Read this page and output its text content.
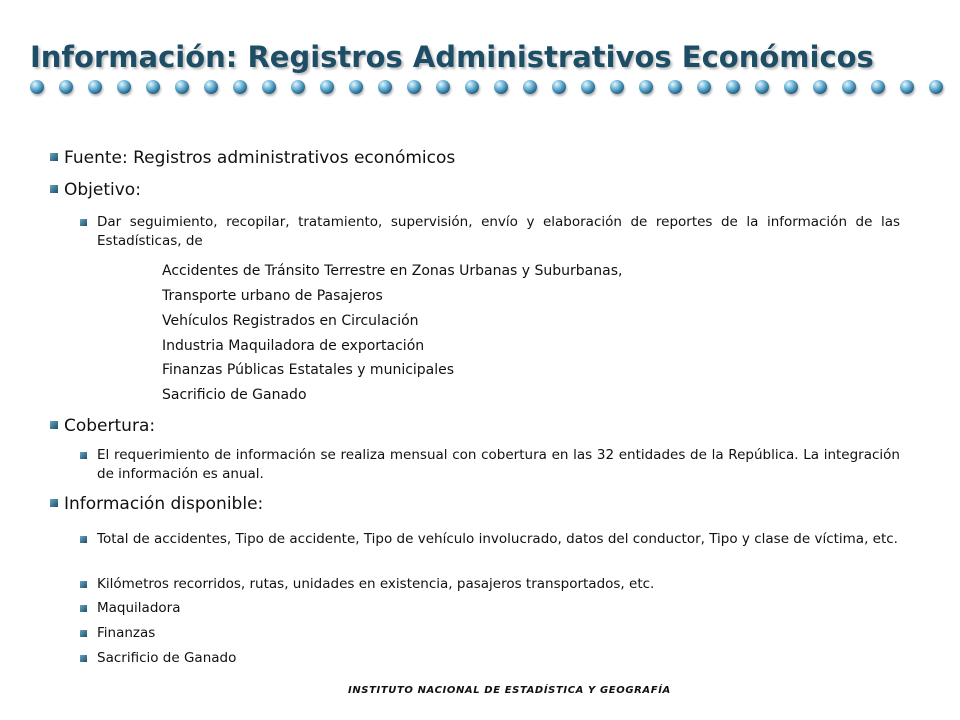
Información: Registros Administrativos Económicos
Fuente: Registros administrativos económicos
Objetivo:
Dar seguimiento, recopilar, tratamiento, supervisión, envío y elaboración de reportes de la información de las Estadísticas, de
Accidentes de Tránsito Terrestre en Zonas Urbanas y Suburbanas,
Transporte urbano de Pasajeros
Vehículos Registrados en Circulación
Industria Maquiladora de exportación
Finanzas Públicas Estatales y municipales
Sacrificio de Ganado
Cobertura:
El requerimiento de información se realiza mensual con cobertura en las 32 entidades de la República. La integración de información es anual.
Información disponible:
Total de accidentes, Tipo de accidente, Tipo de vehículo involucrado, datos del conductor, Tipo y clase de víctima, etc.
Kilómetros recorridos, rutas, unidades en existencia, pasajeros transportados, etc.
Maquiladora
Finanzas
Sacrificio de Ganado
INSTITUTO NACIONAL DE ESTADÍSTICA Y GEOGRAFÍA
